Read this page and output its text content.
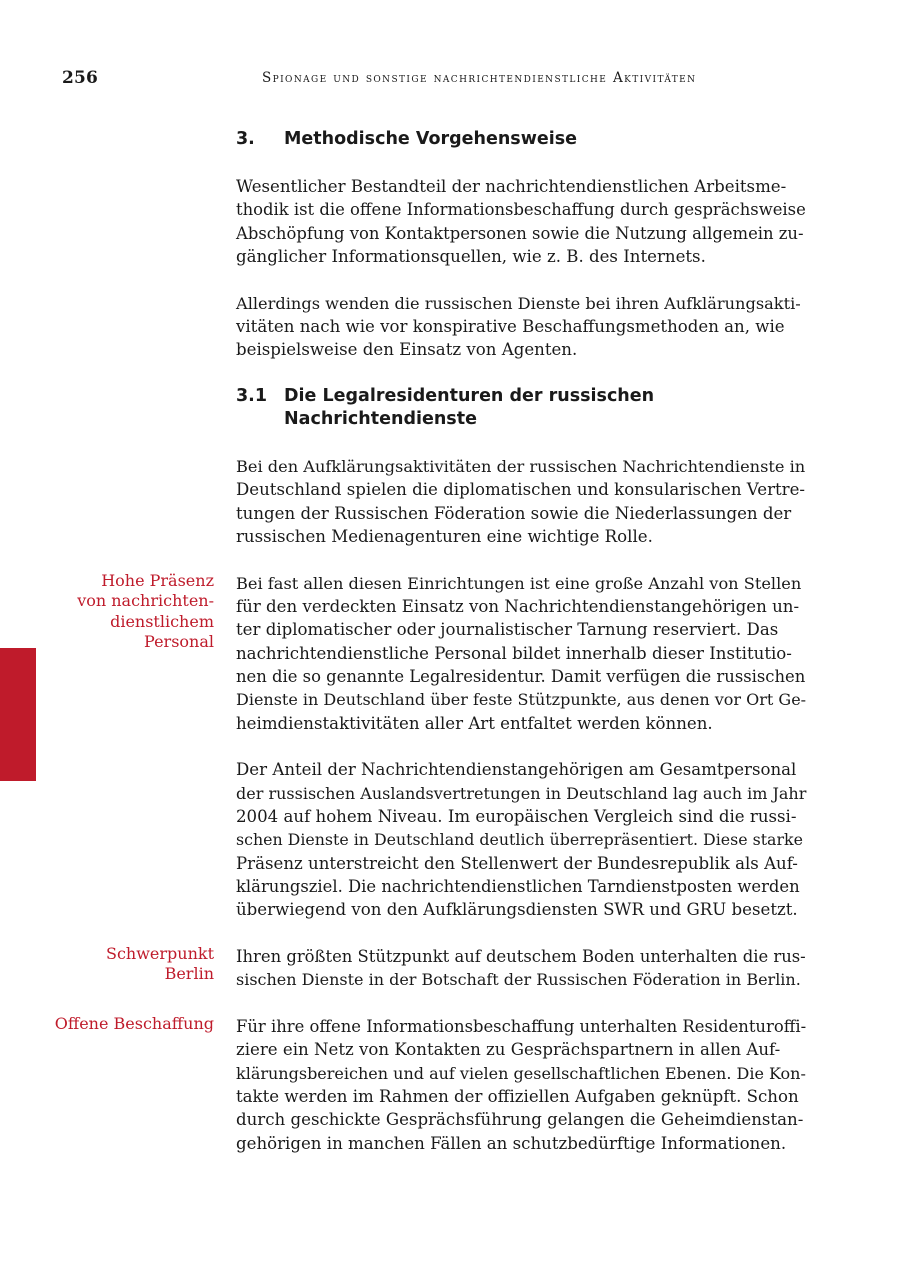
256	Spionage und sonstige nachrichtendienstliche Aktivitäten
3.	Methodische Vorgehensweise

Wesentlicher Bestandteil der nachrichtendienstlichen Arbeitsme-
thodik ist die offene Informationsbeschaffung durch gesprächsweise
Abschöpfung von Kontaktpersonen sowie die Nutzung allgemein zu-
gänglicher Informationsquellen, wie z. B. des Internets.

Allerdings wenden die russischen Dienste bei ihren Aufklärungsakti-
vitäten nach wie vor konspirative Beschaffungsmethoden an, wie
beispielsweise den Einsatz von Agenten.

3.1 Die Legalresidenturen der russischen
Nachrichtendienste

Bei den Aufklärungsaktivitäten der russischen Nachrichtendienste in
Deutschland spielen die diplomatischen und konsularischen Vertre-
tungen der Russischen Föderation sowie die Niederlassungen der
russischen Medienagenturen eine wichtige Rolle.

Hohe Präsenz
von nachrichten-
dienstlichem
Personal

Bei fast allen diesen Einrichtungen ist eine große Anzahl von Stellen
für den verdeckten Einsatz von Nachrichtendienstangehörigen un-
ter diplomatischer oder journalistischer Tarnung reserviert. Das
nachrichtendienstliche Personal bildet innerhalb dieser Institutio-
nen die so genannte Legalresidentur. Damit verfügen die russischen
Dienste in Deutschland über feste Stützpunkte, aus denen vor Ort Ge-
heimdienstaktivitäten aller Art entfaltet werden können.

Der Anteil der Nachrichtendienstangehörigen am Gesamtpersonal
der russischen Auslandsvertretungen in Deutschland lag auch im Jahr
2004 auf hohem Niveau. Im europäischen Vergleich sind die russi-
schen Dienste in Deutschland deutlich überrepräsentiert. Diese starke
Präsenz unterstreicht den Stellenwert der Bundesrepublik als Auf-
klärungsziel. Die nachrichtendienstlichen Tarndienstposten werden
überwiegend von den Aufklärungsdiensten SWR und GRU besetzt.

Schwerpunkt
Berlin

Ihren größten Stützpunkt auf deutschem Boden unterhalten die rus-
sischen Dienste in der Botschaft der Russischen Föderation in Berlin.

Offene Beschaffung Für ihre offene Informationsbeschaffung unterhalten Residenturoffi-
ziere ein Netz von Kontakten zu Gesprächspartnern in allen Auf-
klärungsbereichen und auf vielen gesellschaftlichen Ebenen. Die Kon-
takte werden im Rahmen der offiziellen Aufgaben geknüpft. Schon
durch geschickte Gesprächsführung gelangen die Geheimdienstan-
gehörigen in manchen Fällen an schutzbedürftige Informationen.
